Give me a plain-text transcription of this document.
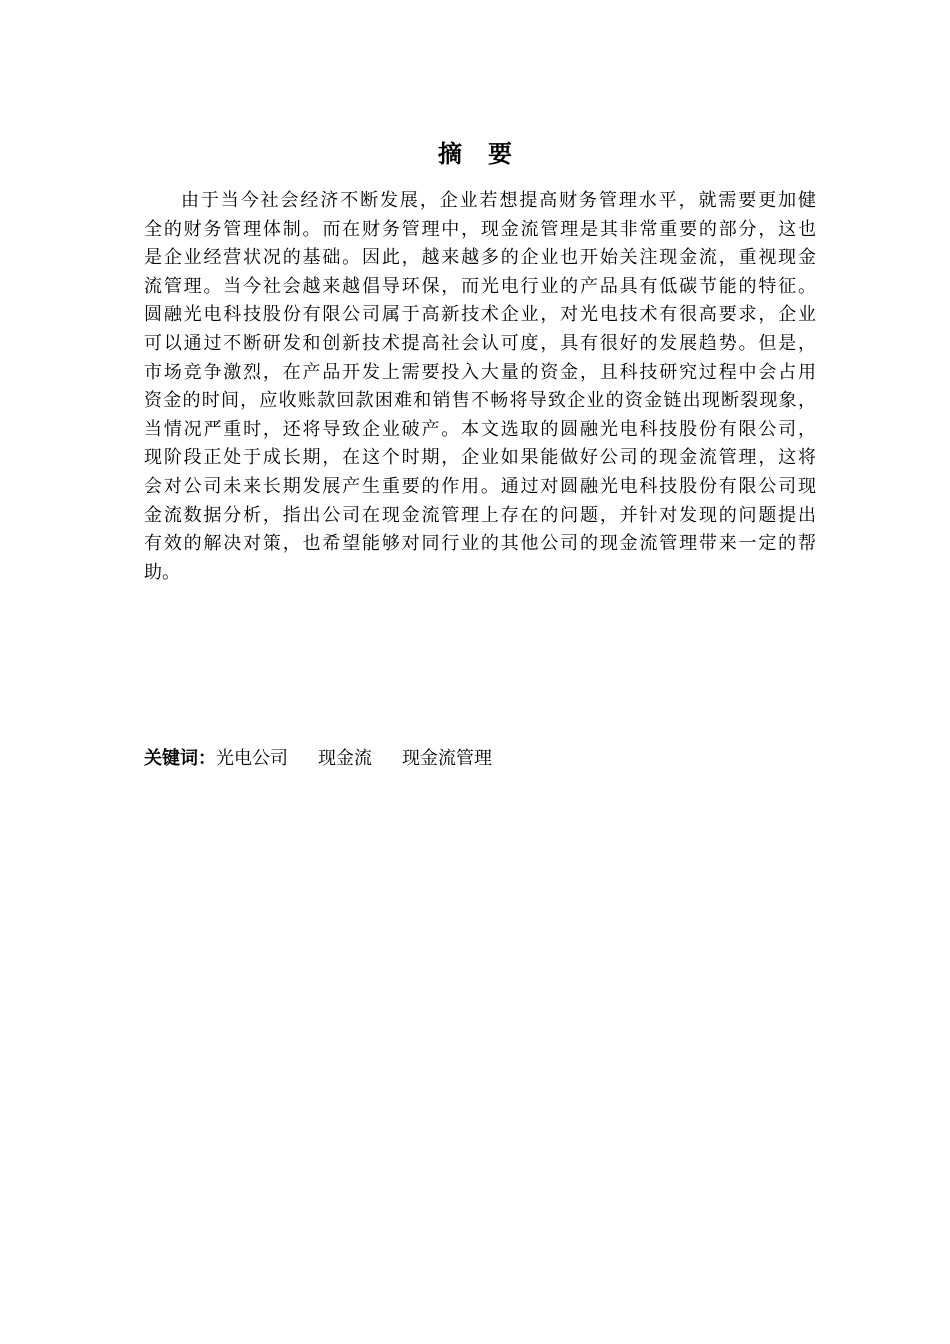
摘 要
由于当今社会经济不断发展，企业若想提高财务管理水平，就需要更加健
全的财务管理体制。而在财务管理中，现金流管理是其非常重要的部分，这也
是企业经营状况的基础。因此，越来越多的企业也开始关注现金流，重视现金
流管理。当今社会越来越倡导环保，而光电行业的产品具有低碳节能的特征。
圆融光电科技股份有限公司属于高新技术企业，对光电技术有很高要求，企业
可以通过不断研发和创新技术提高社会认可度，具有很好的发展趋势。但是，
市场竞争激烈，在产品开发上需要投入大量的资金，且科技研究过程中会占用
资金的时间，应收账款回款困难和销售不畅将导致企业的资金链出现断裂现象，
当情况严重时，还将导致企业破产。本文选取的圆融光电科技股份有限公司，
现阶段正处于成长期，在这个时期，企业如果能做好公司的现金流管理，这将
会对公司未来长期发展产生重要的作用。通过对圆融光电科技股份有限公司现
金流数据分析，指出公司在现金流管理上存在的问题，并针对发现的问题提出
有效的解决对策，也希望能够对同行业的其他公司的现金流管理带来一定的帮
助。
关键词：光电公司 现金流 现金流管理
